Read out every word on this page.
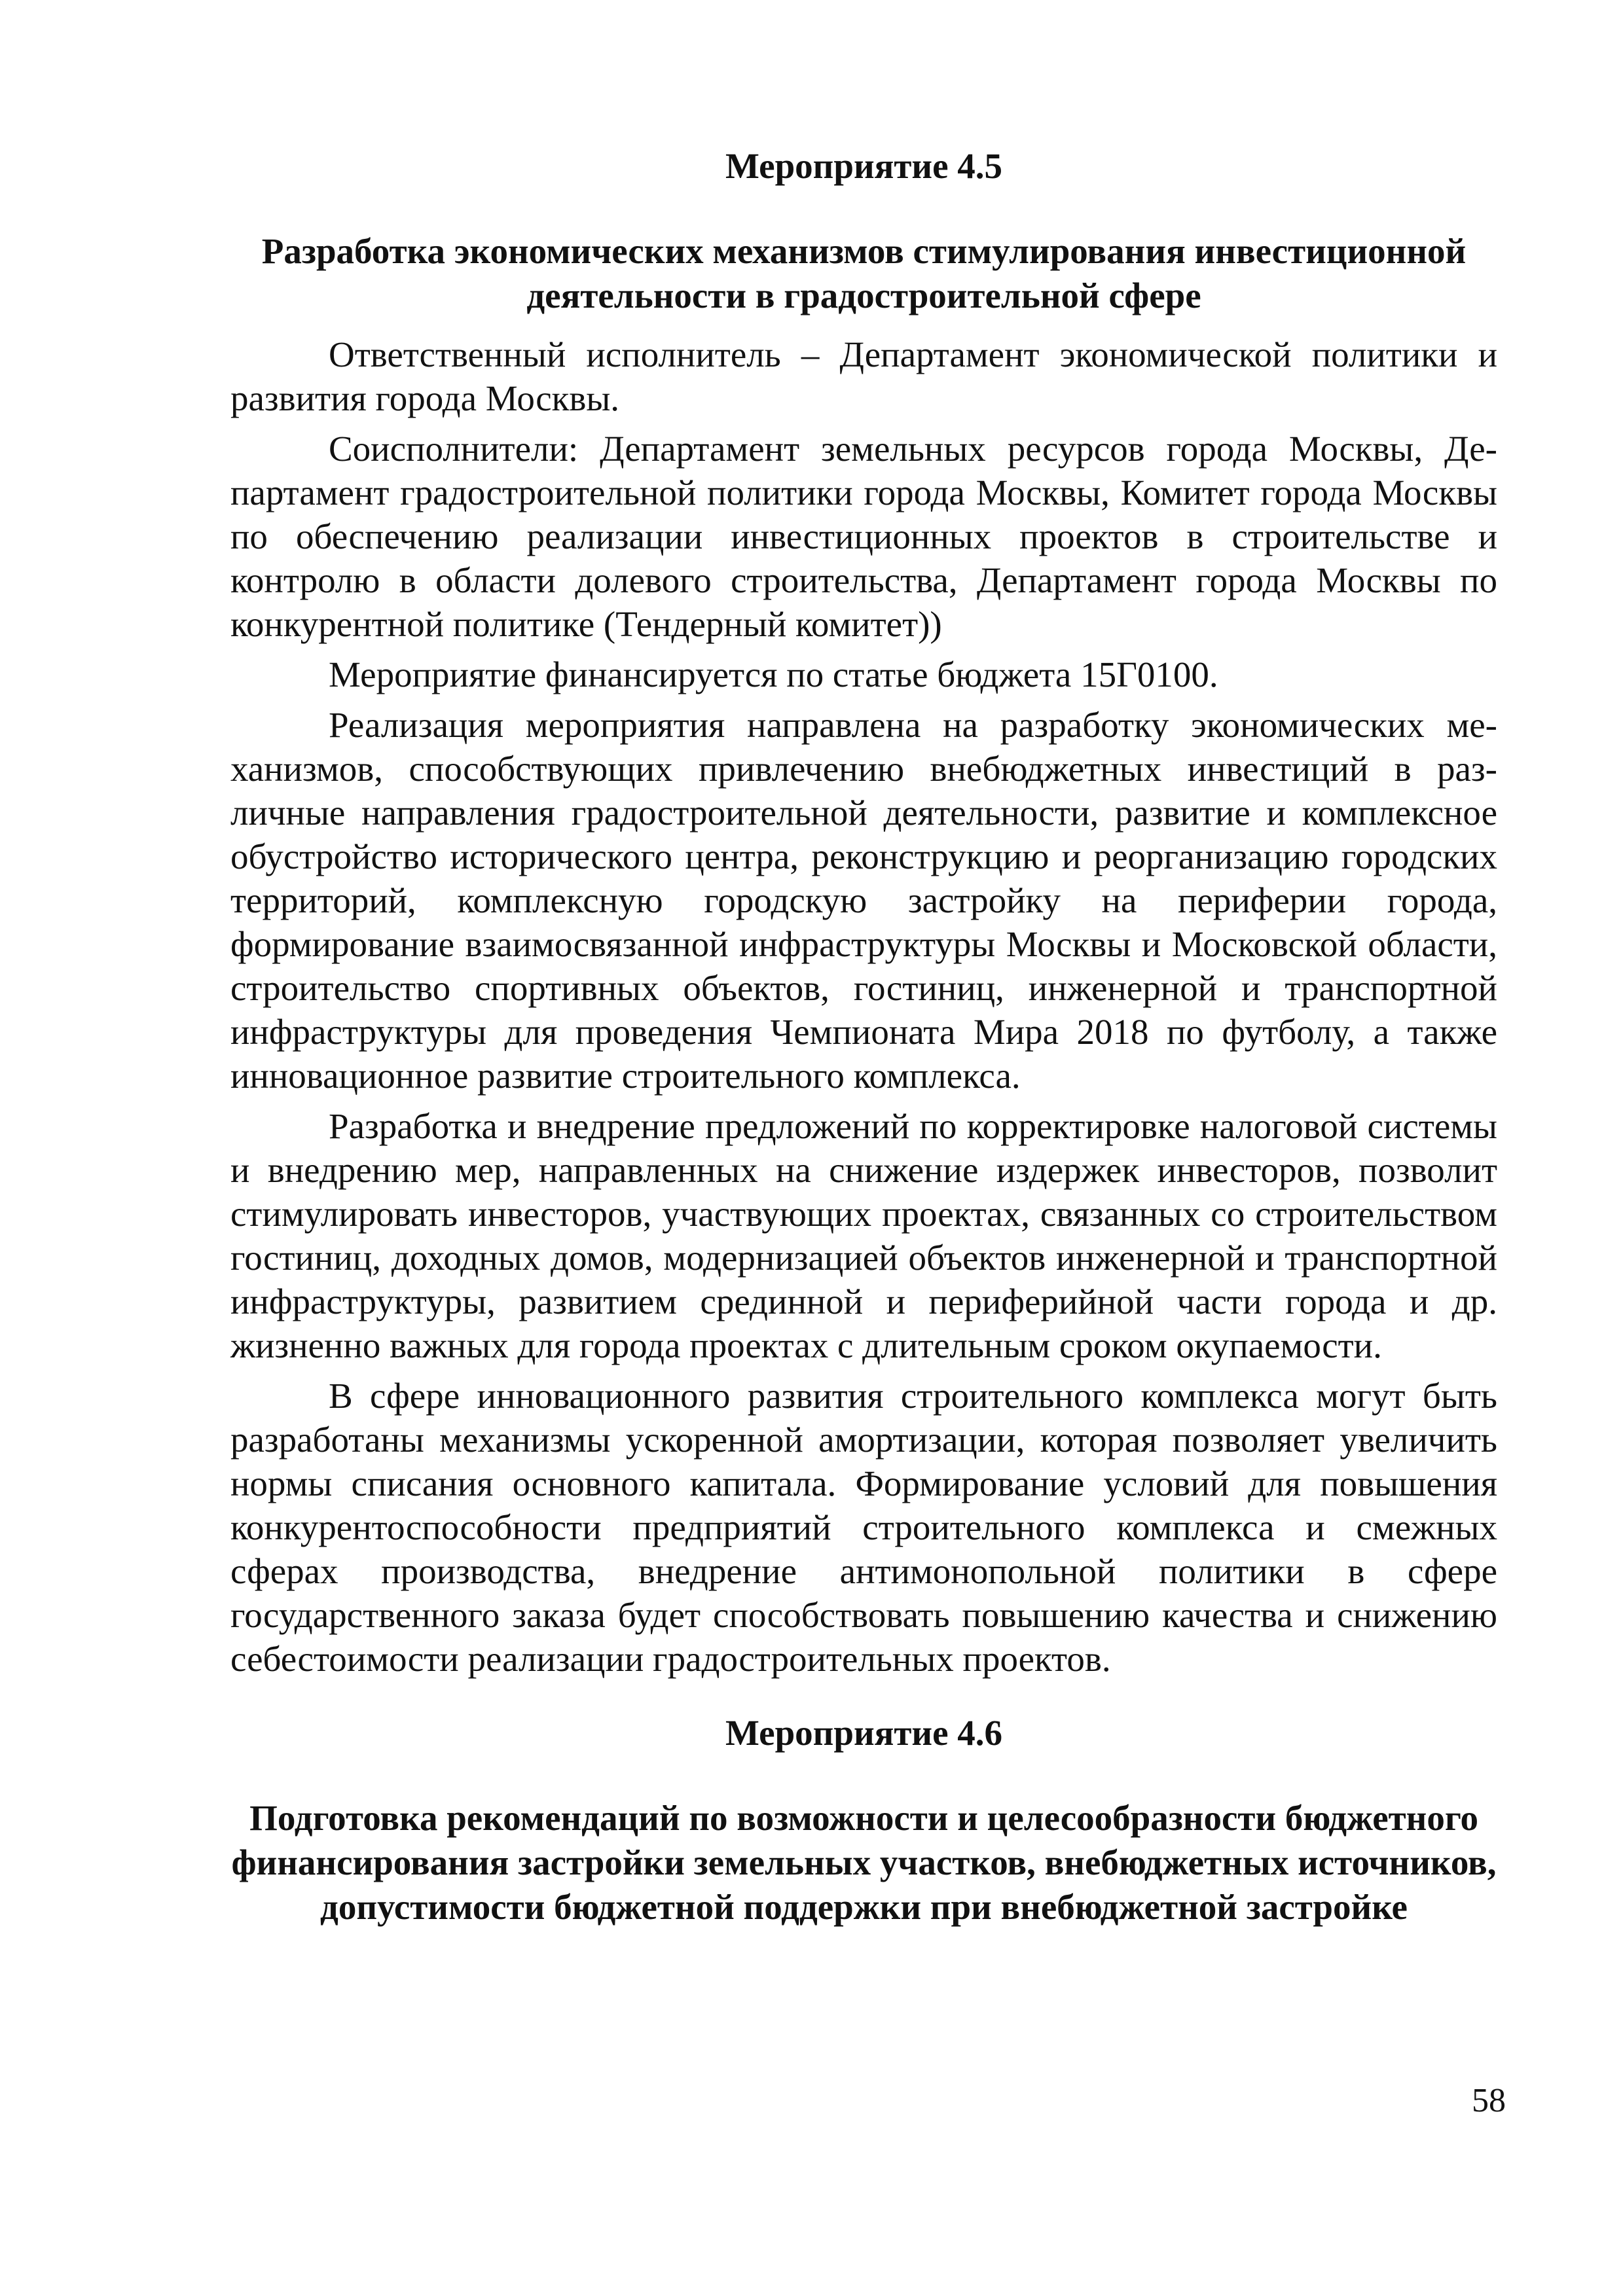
Мероприятие 4.5
Разработка экономических механизмов стимулирования инвестиционной деятельности в градостроительной сфере

Ответственный исполнитель – Департамент экономической политики и развития города Москвы.

Соисполнители: Департамент земельных ресурсов города Москвы, Департамент градостроительной политики города Москвы, Комитет города Москвы по обеспечению реализации инвестиционных проектов в строительстве и контролю в области долевого строительства, Департамент города Москвы по конкурентной политике (Тендерный комитет))

Мероприятие финансируется по статье бюджета 15Г0100.

Реализация мероприятия направлена на разработку экономических механизмов, способствующих привлечению внебюджетных инвестиций в различные направления градостроительной деятельности, развитие и комплексное обустройство исторического центра, реконструкцию и реорганизацию городских территорий, комплексную городскую застройку на периферии города, формирование взаимосвязанной инфраструктуры Москвы и Московской области, строительство спортивных объектов, гостиниц, инженерной и транспортной инфраструктуры для проведения Чемпионата Мира 2018 по футболу, а также инновационное развитие строительного комплекса.

Разработка и внедрение предложений по корректировке налоговой системы и внедрению мер, направленных на снижение издержек инвесторов, позволит стимулировать инвесторов, участвующих проектах, связанных со строительством гостиниц, доходных домов, модернизацией объектов инженерной и транспортной инфраструктуры, развитием срединной и периферийной части города и др. жизненно важных для города проектах с длительным сроком окупаемости.

В сфере инновационного развития строительного комплекса могут быть разработаны механизмы ускоренной амортизации, которая позволяет увеличить нормы списания основного капитала. Формирование условий для повышения конкурентоспособности предприятий строительного комплекса и смежных сферах производства, внедрение антимонопольной политики в сфере государственного заказа будет способствовать повышению качества и снижению себестоимости реализации градостроительных проектов.

Мероприятие 4.6
Подготовка рекомендаций по возможности и целесообразности бюджетного финансирования застройки земельных участков, внебюджетных источников, допустимости бюджетной поддержки при внебюджетной застройке
58
